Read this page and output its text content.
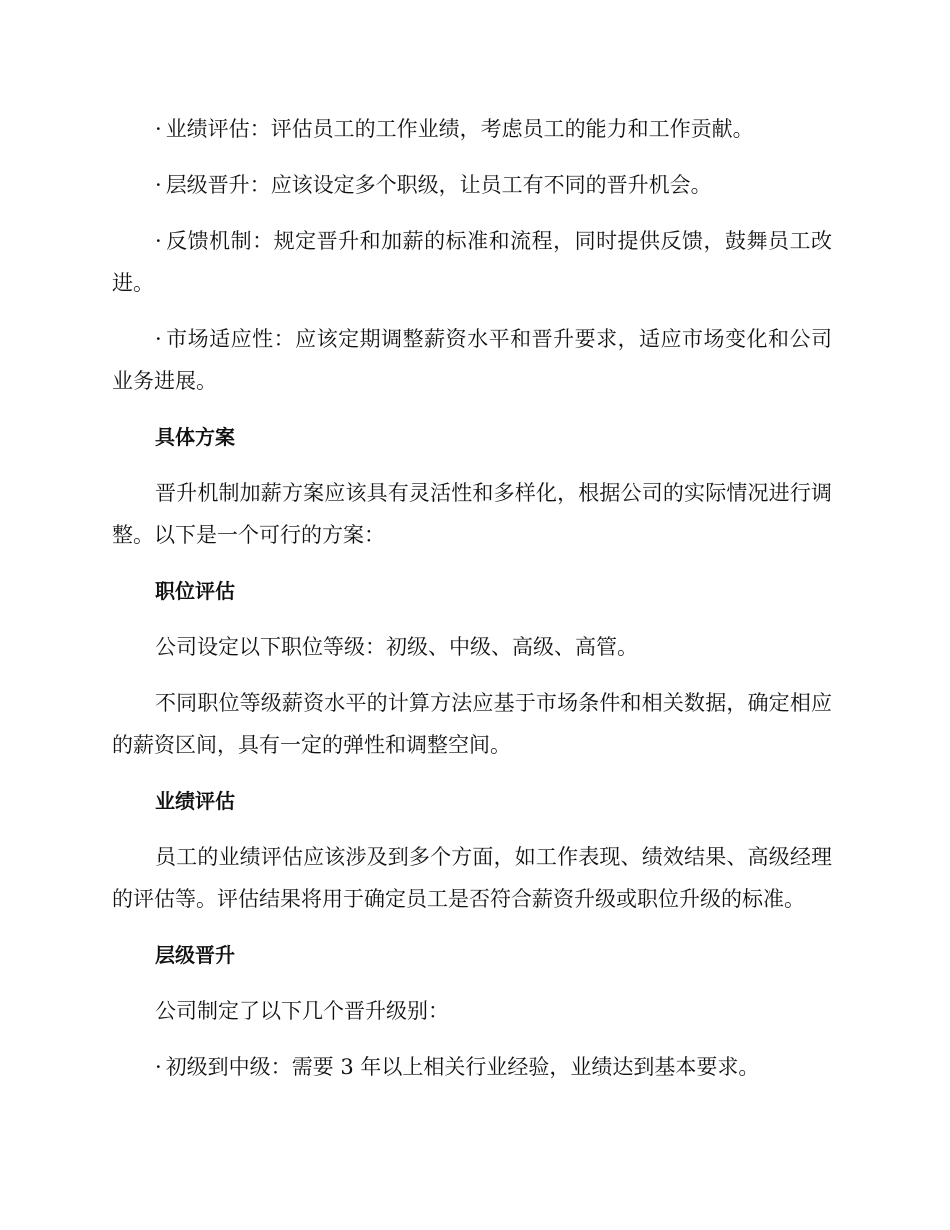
· 业绩评估：评估员工的工作业绩，考虑员工的能力和工作贡献。

· 层级晋升：应该设定多个职级，让员工有不同的晋升机会。

· 反馈机制：规定晋升和加薪的标准和流程，同时提供反馈，鼓舞员工改进。

· 市场适应性：应该定期调整薪资水平和晋升要求，适应市场变化和公司业务进展。

具体方案

晋升机制加薪方案应该具有灵活性和多样化，根据公司的实际情况进行调整。以下是一个可行的方案：

职位评估

公司设定以下职位等级：初级、中级、高级、高管。

不同职位等级薪资水平的计算方法应基于市场条件和相关数据，确定相应的薪资区间，具有一定的弹性和调整空间。

业绩评估

员工的业绩评估应该涉及到多个方面，如工作表现、绩效结果、高级经理的评估等。评估结果将用于确定员工是否符合薪资升级或职位升级的标准。

层级晋升

公司制定了以下几个晋升级别：

· 初级到中级：需要 3 年以上相关行业经验，业绩达到基本要求。
